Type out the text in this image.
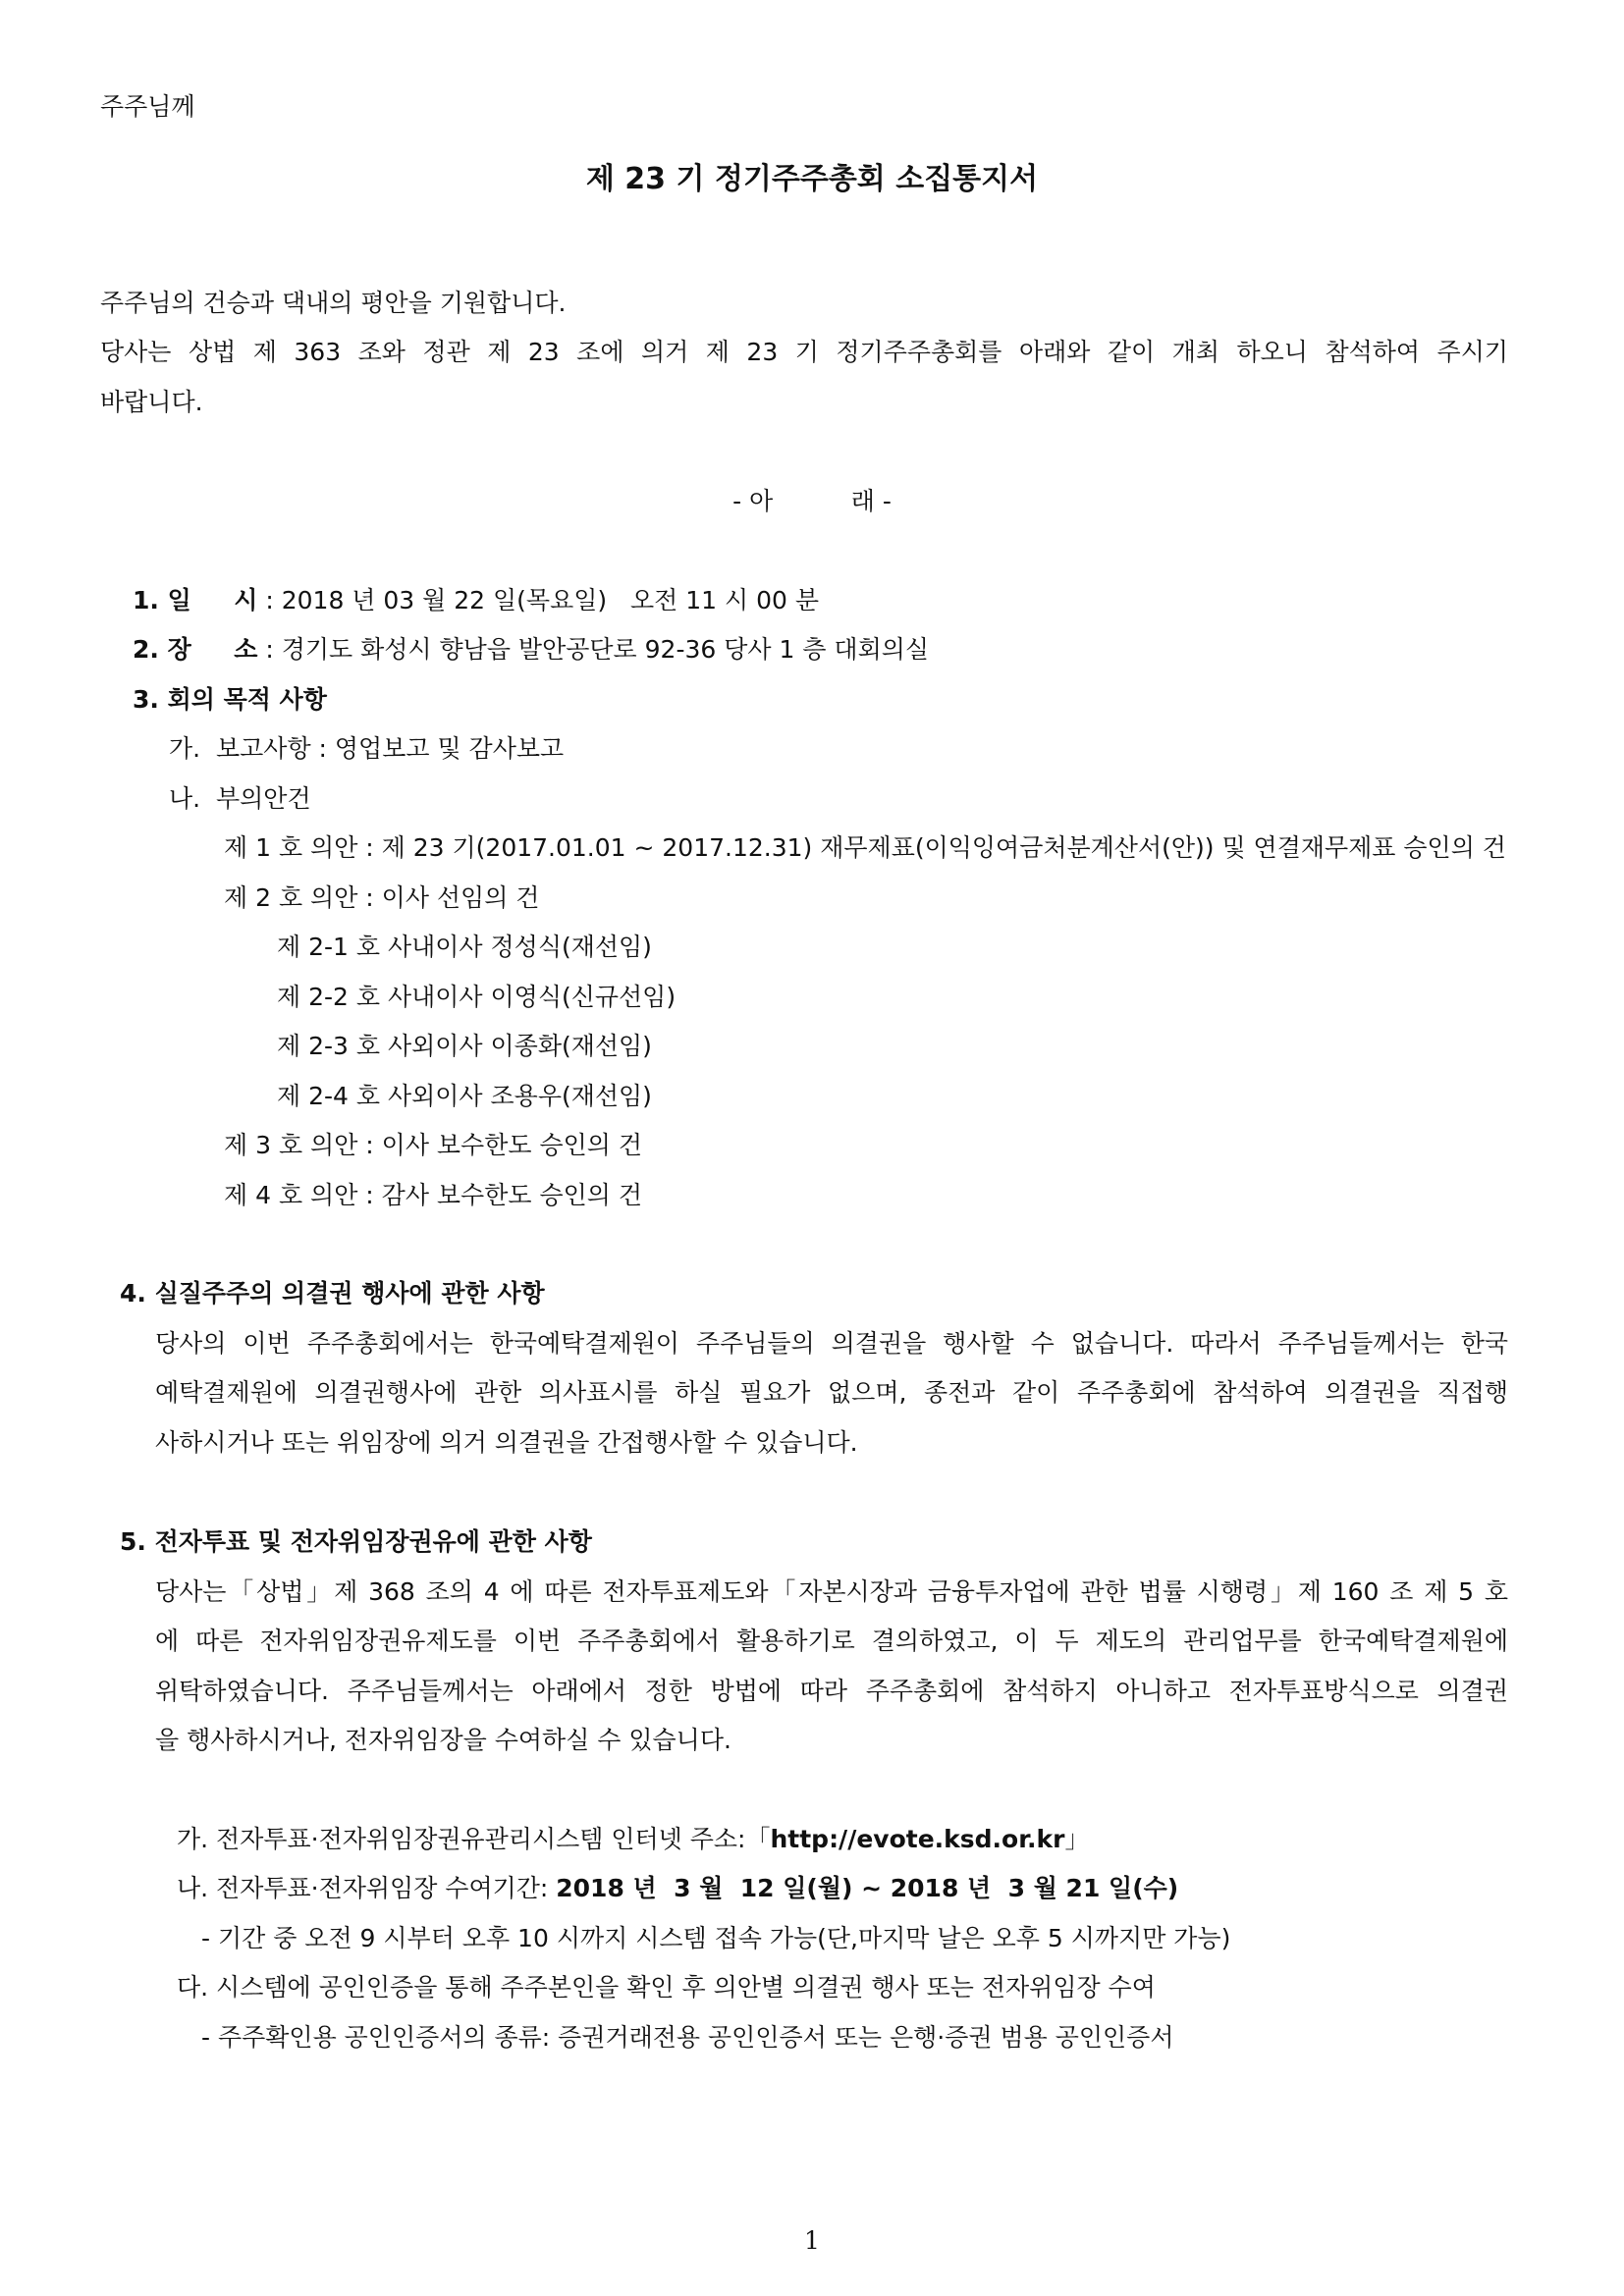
주주님께
제 23 기 정기주주총회 소집통지서
주주님의 건승과 댁내의 평안을 기원합니다.
당사는 상법 제 363 조와 정관 제 23 조에 의거 제 23 기 정기주주총회를 아래와 같이 개최 하오니 참석하여 주시기
바랍니다.
- 아          래 -
1. 일     시 : 2018 년 03 월 22 일(목요일)   오전 11 시 00 분
2. 장     소 : 경기도 화성시 향남읍 발안공단로 92-36 당사 1 층 대회의실
3. 회의 목적 사항
가.  보고사항 : 영업보고 및 감사보고
나.  부의안건
제 1 호 의안 : 제 23 기(2017.01.01 ~ 2017.12.31) 재무제표(이익잉여금처분계산서(안)) 및 연결재무제표 승인의 건
제 2 호 의안 : 이사 선임의 건
제 2-1 호 사내이사 정성식(재선임)
제 2-2 호 사내이사 이영식(신규선임)
제 2-3 호 사외이사 이종화(재선임)
제 2-4 호 사외이사 조용우(재선임)
제 3 호 의안 : 이사 보수한도 승인의 건
제 4 호 의안 : 감사 보수한도 승인의 건
4. 실질주주의 의결권 행사에 관한 사항
당사의 이번 주주총회에서는 한국예탁결제원이 주주님들의 의결권을 행사할 수 없습니다. 따라서 주주님들께서는 한국
예탁결제원에 의결권행사에 관한 의사표시를 하실 필요가 없으며, 종전과 같이 주주총회에 참석하여 의결권을 직접행
사하시거나 또는 위임장에 의거 의결권을 간접행사할 수 있습니다.
5. 전자투표 및 전자위임장권유에 관한 사항
당사는「상법」제 368 조의 4 에 따른 전자투표제도와「자본시장과 금융투자업에 관한 법률 시행령」제 160 조 제 5 호
에 따른 전자위임장권유제도를 이번 주주총회에서 활용하기로 결의하였고, 이 두 제도의 관리업무를 한국예탁결제원에
위탁하였습니다. 주주님들께서는 아래에서 정한 방법에 따라 주주총회에 참석하지 아니하고 전자투표방식으로 의결권
을 행사하시거나, 전자위임장을 수여하실 수 있습니다.
가. 전자투표·전자위임장권유관리시스템 인터넷 주소:「http://evote.ksd.or.kr」
나. 전자투표·전자위임장 수여기간: 2018 년  3 월  12 일(월) ~ 2018 년  3 월 21 일(수)
- 기간 중 오전 9 시부터 오후 10 시까지 시스템 접속 가능(단,마지막 날은 오후 5 시까지만 가능)
다. 시스템에 공인인증을 통해 주주본인을 확인 후 의안별 의결권 행사 또는 전자위임장 수여
- 주주확인용 공인인증서의 종류: 증권거래전용 공인인증서 또는 은행·증권 범용 공인인증서
1
